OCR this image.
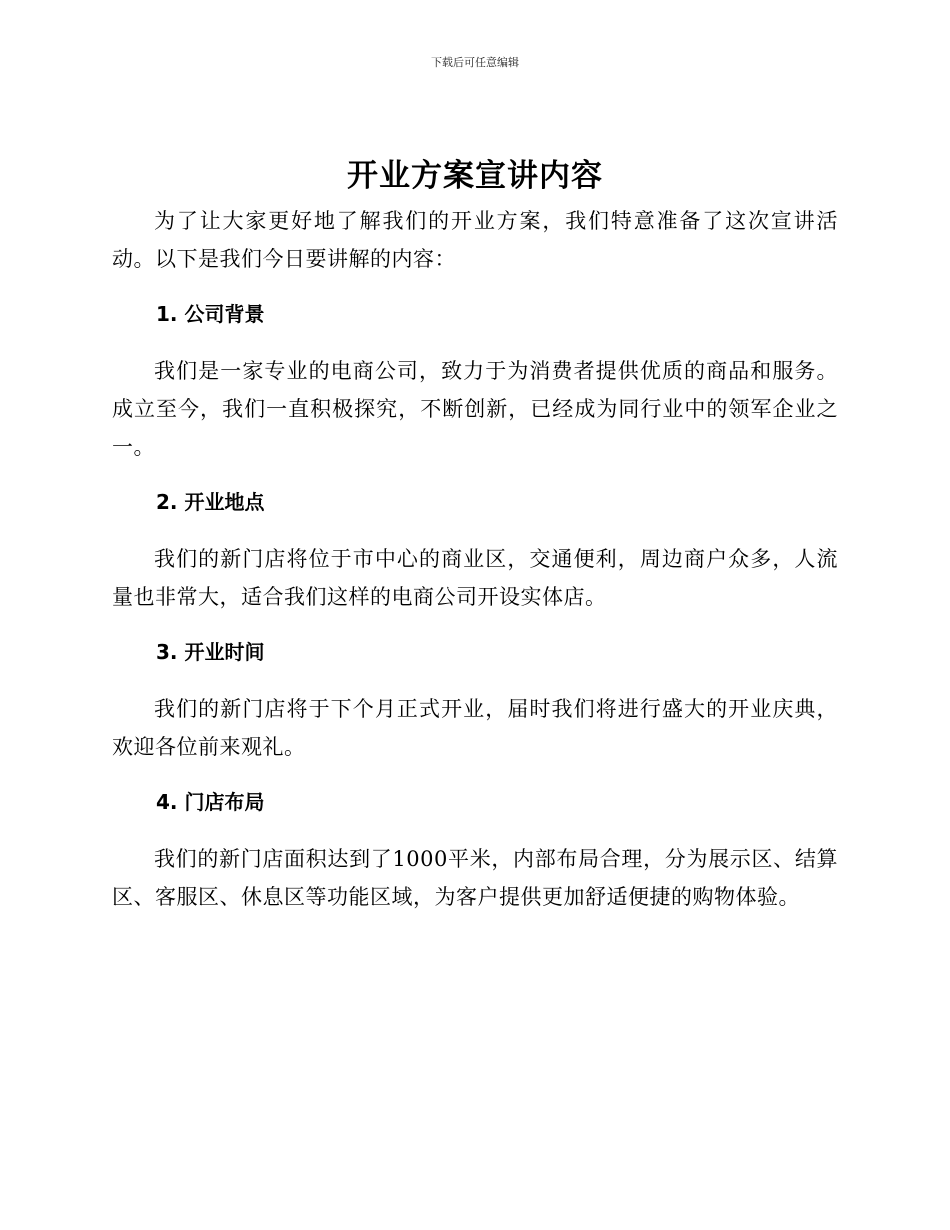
下载后可任意编辑
开业方案宣讲内容

为了让大家更好地了解我们的开业方案，我们特意准备了这次宣讲活动。以下是我们今日要讲解的内容：

1. 公司背景

我们是一家专业的电商公司，致力于为消费者提供优质的商品和服务。成立至今，我们一直积极探究，不断创新，已经成为同行业中的领军企业之一。

2. 开业地点

我们的新门店将位于市中心的商业区，交通便利，周边商户众多，人流量也非常大，适合我们这样的电商公司开设实体店。

3. 开业时间

我们的新门店将于下个月正式开业，届时我们将进行盛大的开业庆典，欢迎各位前来观礼。

4. 门店布局

我们的新门店面积达到了1000平米，内部布局合理，分为展示区、结算区、客服区、休息区等功能区域，为客户提供更加舒适便捷的购物体验。
